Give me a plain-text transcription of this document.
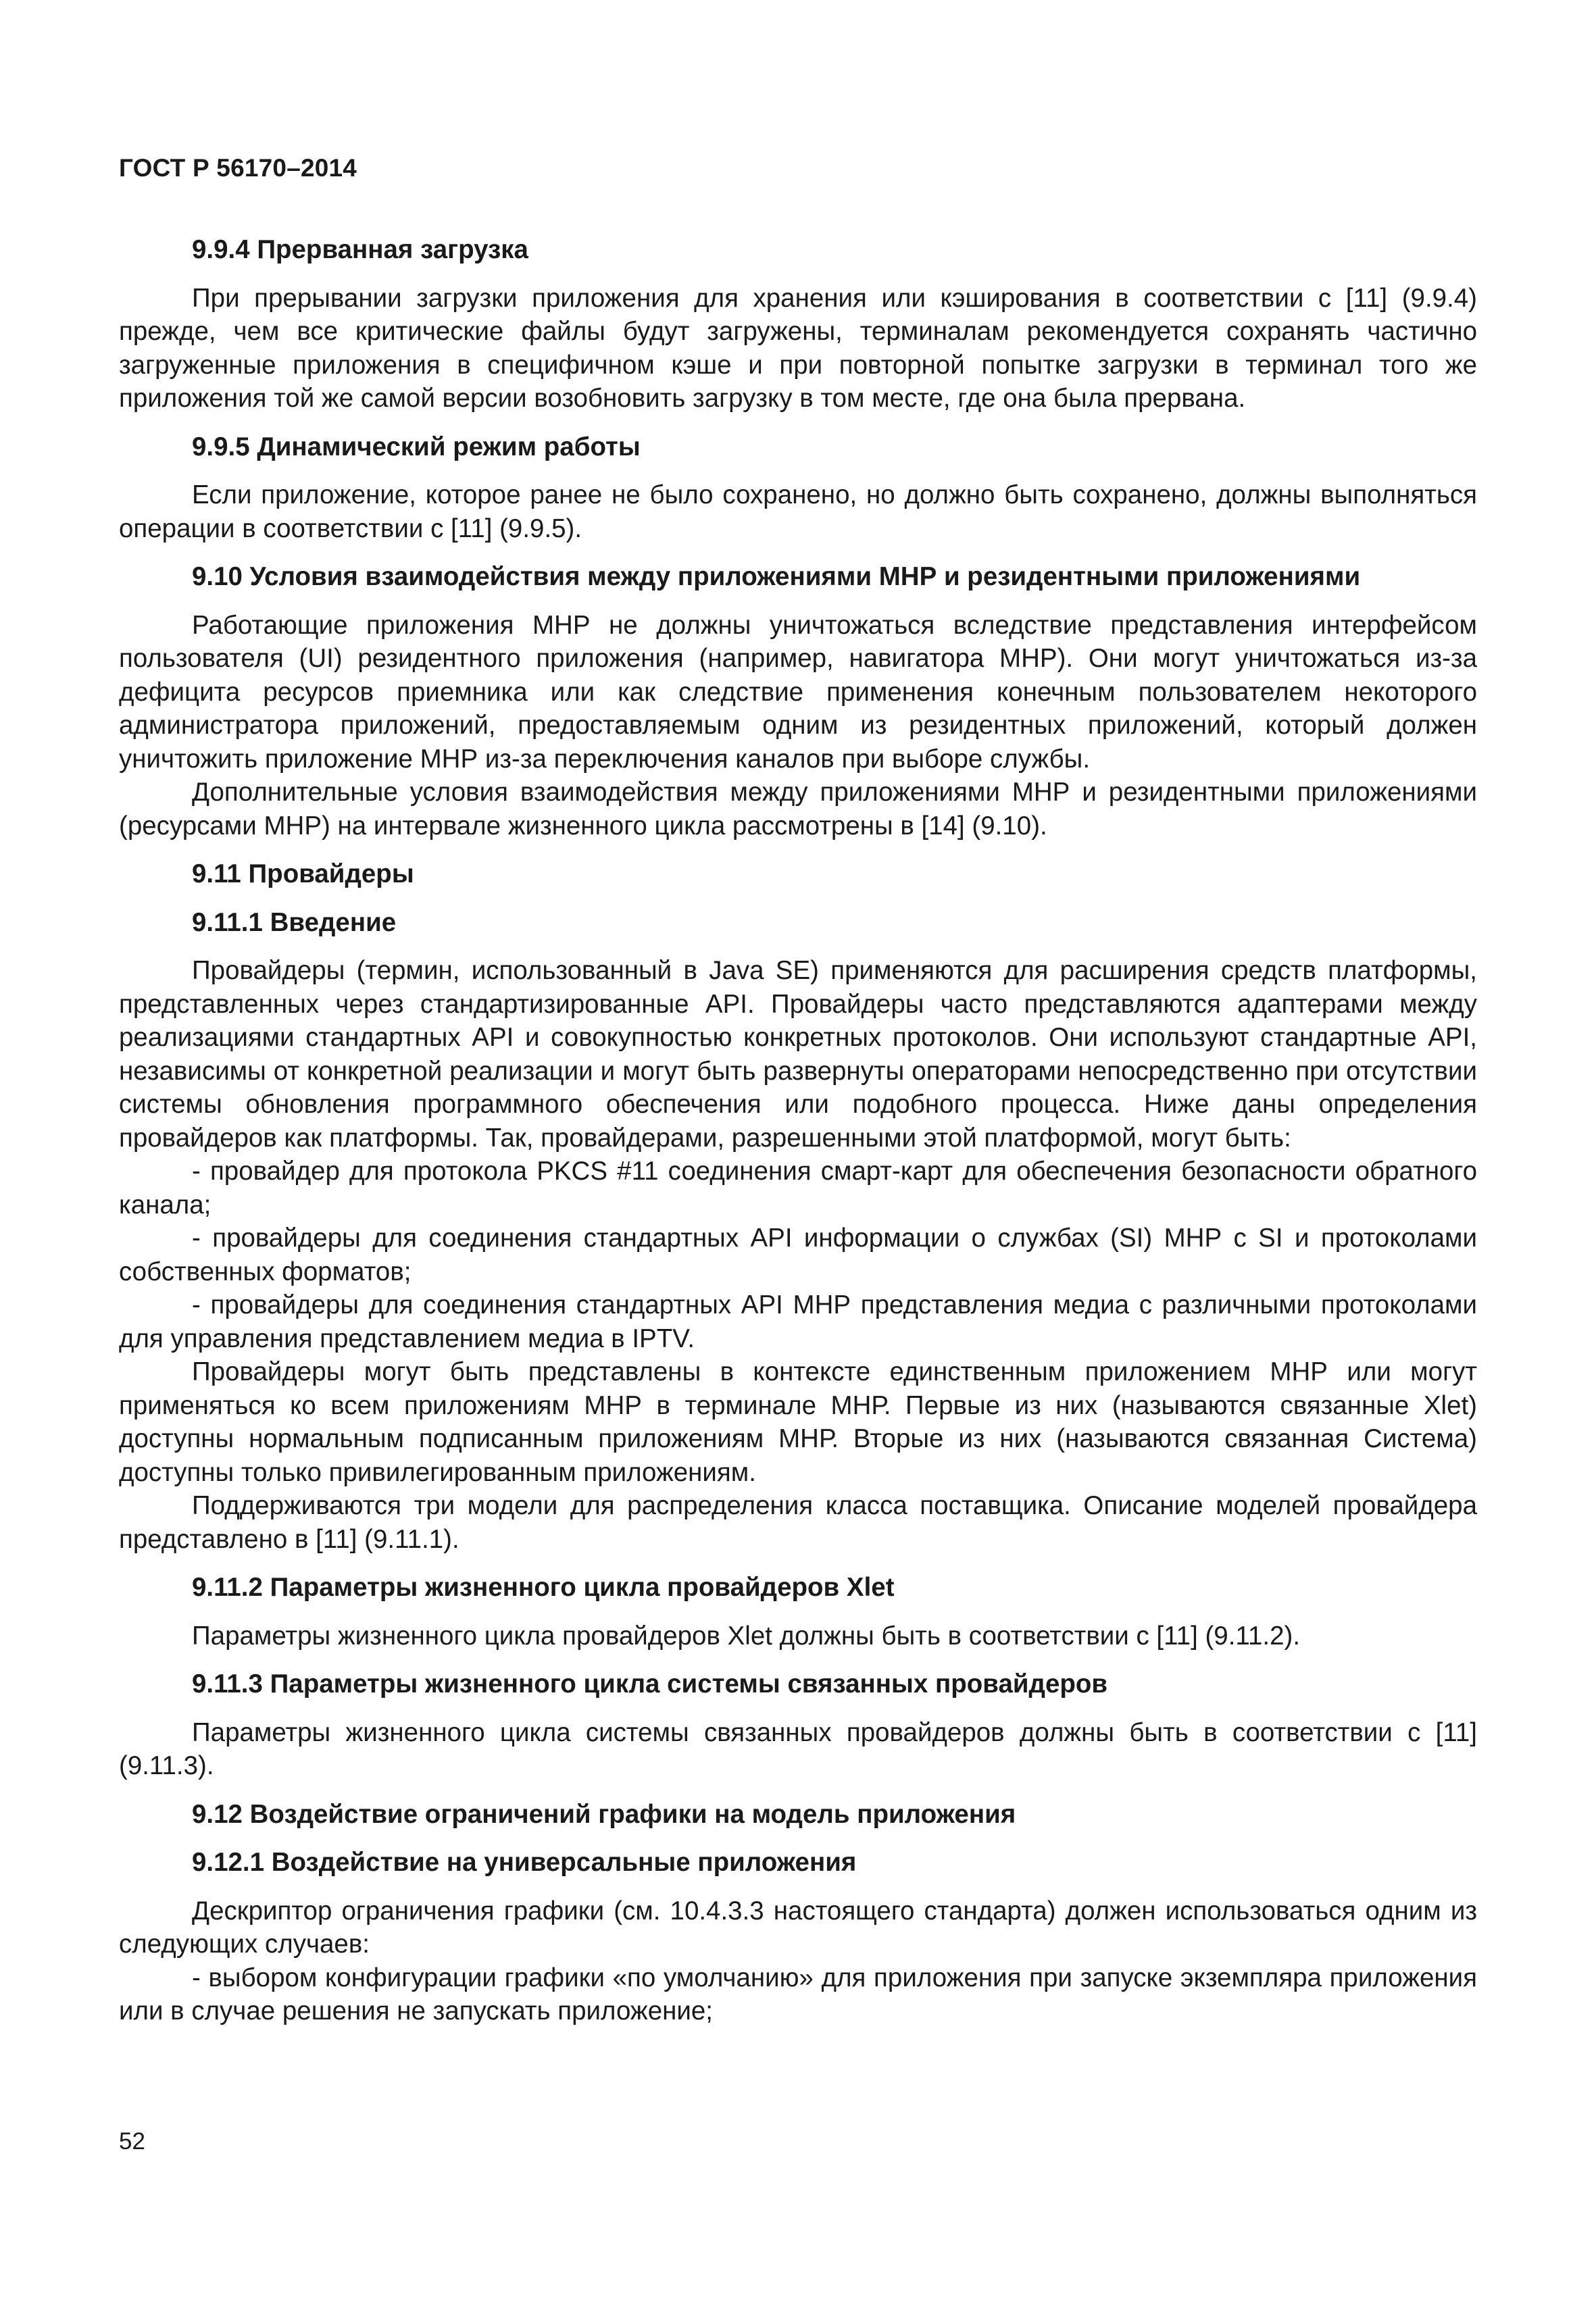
ГОСТ Р 56170–2014
9.9.4 Прерванная загрузка
При прерывании загрузки приложения для хранения или кэширования в соответствии с [11] (9.9.4) прежде, чем все критические файлы будут загружены, терминалам рекомендуется сохранять частично загруженные приложения в специфичном кэше и при повторной попытке загрузки в терминал того же приложения той же самой версии возобновить загрузку в том месте, где она была прервана.
9.9.5 Динамический режим работы
Если приложение, которое ранее не было сохранено, но должно быть сохранено, должны выполняться операции в соответствии с [11] (9.9.5).
9.10 Условия взаимодействия между приложениями МНР и резидентными приложениями
Работающие приложения МНР не должны уничтожаться вследствие представления интерфейсом пользователя (UI) резидентного приложения (например, навигатора МНР). Они могут уничтожаться из-за дефицита ресурсов приемника или как следствие применения конечным пользователем некоторого администратора приложений, предоставляемым одним из резидентных приложений, который должен уничтожить приложение МНР из-за переключения каналов при выборе службы.
Дополнительные условия взаимодействия между приложениями МНР и резидентными приложениями (ресурсами МНР) на интервале жизненного цикла рассмотрены в [14] (9.10).
9.11 Провайдеры
9.11.1 Введение
Провайдеры (термин, использованный в Java SE) применяются для расширения средств платформы, представленных через стандартизированные API. Провайдеры часто представляются адаптерами между реализациями стандартных API и совокупностью конкретных протоколов. Они используют стандартные API, независимы от конкретной реализации и могут быть развернуты операторами непосредственно при отсутствии системы обновления программного обеспечения или подобного процесса. Ниже даны определения провайдеров как платформы. Так, провайдерами, разрешенными этой платформой, могут быть:
- провайдер для протокола PKCS #11 соединения смарт-карт для обеспечения безопасности обратного канала;
- провайдеры для соединения стандартных API информации о службах (SI) МНР с SI и протоколами собственных форматов;
- провайдеры для соединения стандартных API МНР представления медиа с различными протоколами для управления представлением медиа в IPTV.
Провайдеры могут быть представлены в контексте единственным приложением МНР или могут применяться ко всем приложениям МНР в терминале МНР. Первые из них (называются связанные Xlet) доступны нормальным подписанным приложениям МНР. Вторые из них (называются связанная Система) доступны только привилегированным приложениям.
Поддерживаются три модели для распределения класса поставщика. Описание моделей провайдера представлено в [11] (9.11.1).
9.11.2 Параметры жизненного цикла провайдеров Xlet
Параметры жизненного цикла провайдеров Xlet должны быть в соответствии с [11] (9.11.2).
9.11.3 Параметры жизненного цикла системы связанных провайдеров
Параметры жизненного цикла системы связанных провайдеров должны быть в соответствии с [11] (9.11.3).
9.12 Воздействие ограничений графики на модель приложения
9.12.1 Воздействие на универсальные приложения
Дескриптор ограничения графики (см. 10.4.3.3 настоящего стандарта) должен использоваться одним из следующих случаев:
- выбором конфигурации графики «по умолчанию» для приложения при запуске экземпляра приложения или в случае решения не запускать приложение;
52
